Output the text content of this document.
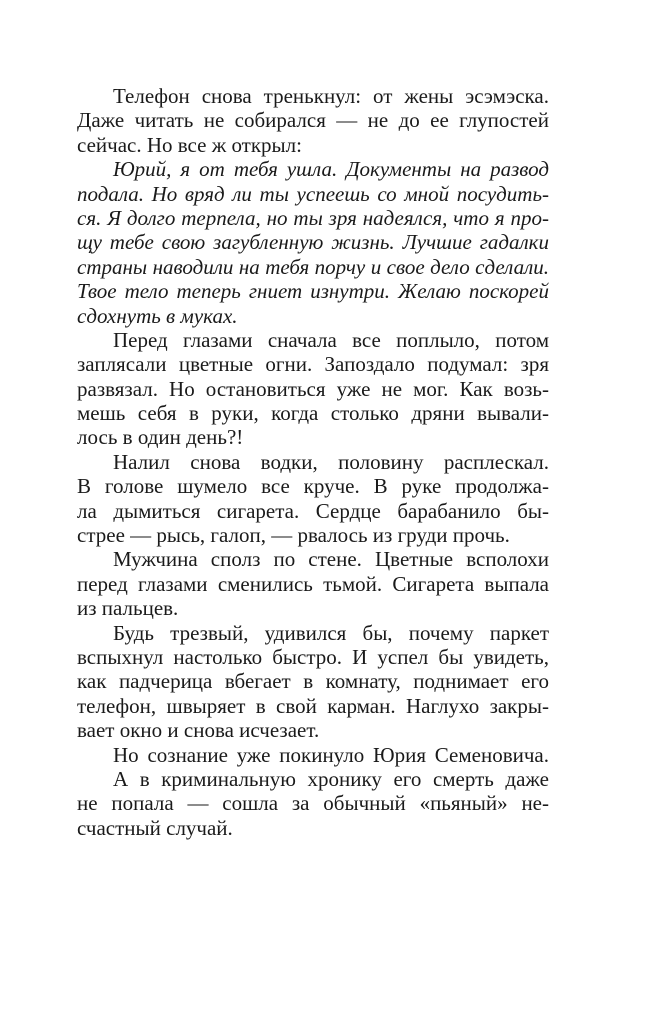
Телефон снова тренькнул: от жены эсэмэска.
Даже читать не собирался — не до ее глупостей
сейчас. Но все ж открыл:
Юрий, я от тебя ушла. Документы на развод
подала. Но вряд ли ты успеешь со мной посудить-
ся. Я долго терпела, но ты зря надеялся, что я про-
щу тебе свою загубленную жизнь. Лучшие гадалки
страны наводили на тебя порчу и свое дело сделали.
Твое тело теперь гниет изнутри. Желаю поскорей
сдохнуть в муках.
Перед глазами сначала все поплыло, потом
заплясали цветные огни. Запоздало подумал: зря
развязал. Но остановиться уже не мог. Как возь-
мешь себя в руки, когда столько дряни вывали-
лось в один день?!
Налил снова водки, половину расплескал.
В голове шумело все круче. В руке продолжа-
ла дымиться сигарета. Сердце барабанило бы-
стрее — рысь, галоп, — рвалось из груди прочь.
Мужчина сполз по стене. Цветные всполохи
перед глазами сменились тьмой. Сигарета выпала
из пальцев.
Будь трезвый, удивился бы, почему паркет
вспыхнул настолько быстро. И успел бы увидеть,
как падчерица вбегает в комнату, поднимает его
телефон, швыряет в свой карман. Наглухо закры-
вает окно и снова исчезает.
Но сознание уже покинуло Юрия Семеновича.
А в криминальную хронику его смерть даже
не попала — сошла за обычный «пьяный» не-
счастный случай.
